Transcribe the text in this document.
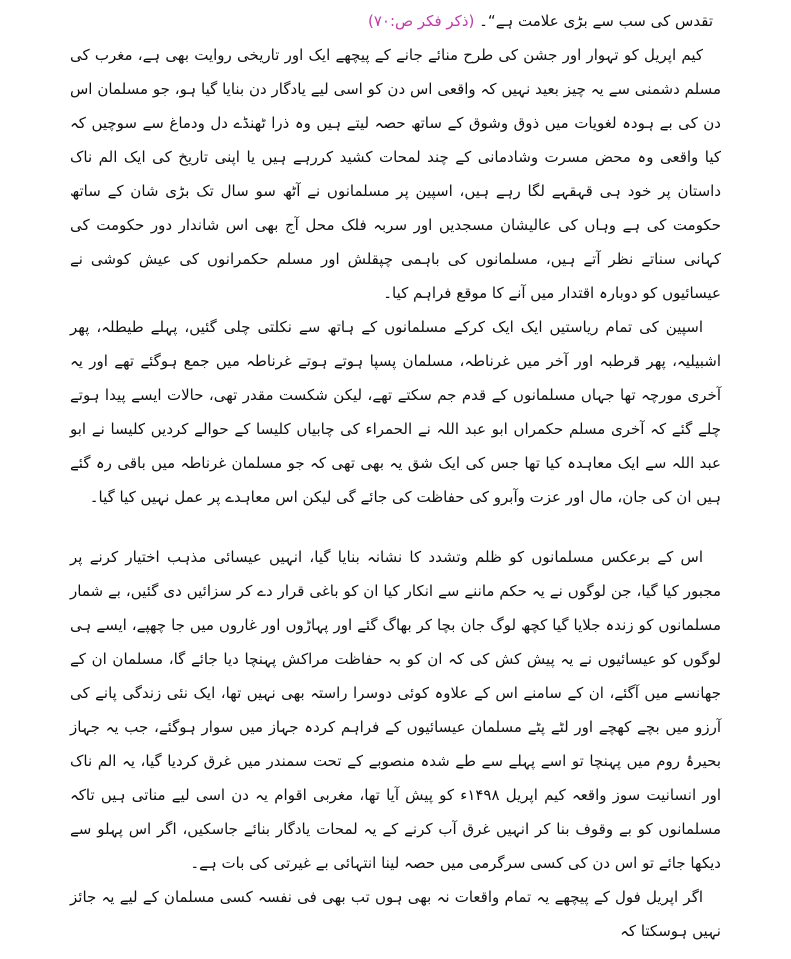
تقدس کی سب سے بڑی علامت ہے“۔ (ذکر فکر ص:۷۰)

کیم اپریل کو تہوار اور جشن کی طرح منائے جانے کے پیچھے ایک اور تاریخی روایت بھی ہے، مغرب کی مسلم دشمنی سے یہ چیز بعید نہیں کہ واقعی اس دن کو اسی لیے یادگار دن بنایا گیا ہو، جو مسلمان اس دن کی بے ہودہ لغویات میں ذوق وشوق کے ساتھ حصہ لیتے ہیں وہ ذرا ٹھنڈے دل ودماغ سے سوچیں کہ کیا واقعی وہ محض مسرت وشادمانی کے چند لمحات کشید کررہے ہیں یا اپنی تاریخ کی ایک الم ناک داستان پر خود ہی قہقہے لگا رہے ہیں، اسپین پر مسلمانوں نے آٹھ سو سال تک بڑی شان کے ساتھ حکومت کی ہے وہاں کی عالیشان مسجدیں اور سربہ فلک محل آج بھی اس شاندار دور حکومت کی کہانی سناتے نظر آتے ہیں، مسلمانوں کی باہمی چپقلش اور مسلم حکمرانوں کی عیش کوشی نے عیسائیوں کو دوبارہ اقتدار میں آنے کا موقع فراہم کیا۔

اسپین کی تمام ریاستیں ایک ایک کرکے مسلمانوں کے ہاتھ سے نکلتی چلی گئیں، پہلے طیطلہ، پھر اشبیلیہ، پھر قرطبہ اور آخر میں غرناطہ، مسلمان پسپا ہوتے ہوتے غرناطہ میں جمع ہوگئے تھے اور یہ آخری مورچہ تھا جہاں مسلمانوں کے قدم جم سکتے تھے، لیکن شکست مقدر تھی، حالات ایسے پیدا ہوتے چلے گئے کہ آخری مسلم حکمراں ابو عبد اللہ نے الحمراء کی چابیاں کلیسا کے حوالے کردیں کلیسا نے ابو عبد اللہ سے ایک معاہدہ کیا تھا جس کی ایک شق یہ بھی تھی کہ جو مسلمان غرناطہ میں باقی رہ گئے ہیں ان کی جان، مال اور عزت وآبرو کی حفاظت کی جائے گی لیکن اس معاہدے پر عمل نہیں کیا گیا۔

اس کے برعکس مسلمانوں کو ظلم وتشدد کا نشانہ بنایا گیا، انہیں عیسائی مذہب اختیار کرنے پر مجبور کیا گیا، جن لوگوں نے یہ حکم ماننے سے انکار کیا ان کو باغی قرار دے کر سزائیں دی گئیں، بے شمار مسلمانوں کو زندہ جلایا گیا کچھ لوگ جان بچا کر بھاگ گئے اور پہاڑوں اور غاروں میں جا چھپے، ایسے ہی لوگوں کو عیسائیوں نے یہ پیش کش کی کہ ان کو بہ حفاظت مراکش پہنچا دیا جائے گا، مسلمان ان کے جھانسے میں آگئے، ان کے سامنے اس کے علاوہ کوئی دوسرا راستہ بھی نہیں تھا، ایک نئی زندگی پانے کی آرزو میں بچے کھچے اور لٹے پٹے مسلمان عیسائیوں کے فراہم کردہ جہاز میں سوار ہوگئے، جب یہ جہاز بحیرۂ روم میں پہنچا تو اسے پہلے سے طے شدہ منصوبے کے تحت سمندر میں غرق کردیا گیا، یہ الم ناک اور انسانیت سوز واقعہ کیم اپریل ۱۴۹۸ء کو پیش آیا تھا، مغربی اقوام یہ دن اسی لیے مناتی ہیں تاکہ مسلمانوں کو بے وقوف بنا کر انہیں غرق آب کرنے کے یہ لمحات یادگار بنائے جاسکیں، اگر اس پہلو سے دیکھا جائے تو اس دن کی کسی سرگرمی میں حصہ لینا انتہائی بے غیرتی کی بات ہے۔

اگر اپریل فول کے پیچھے یہ تمام واقعات نہ بھی ہوں تب بھی فی نفسہ کسی مسلمان کے لیے یہ جائز نہیں ہوسکتا کہ
